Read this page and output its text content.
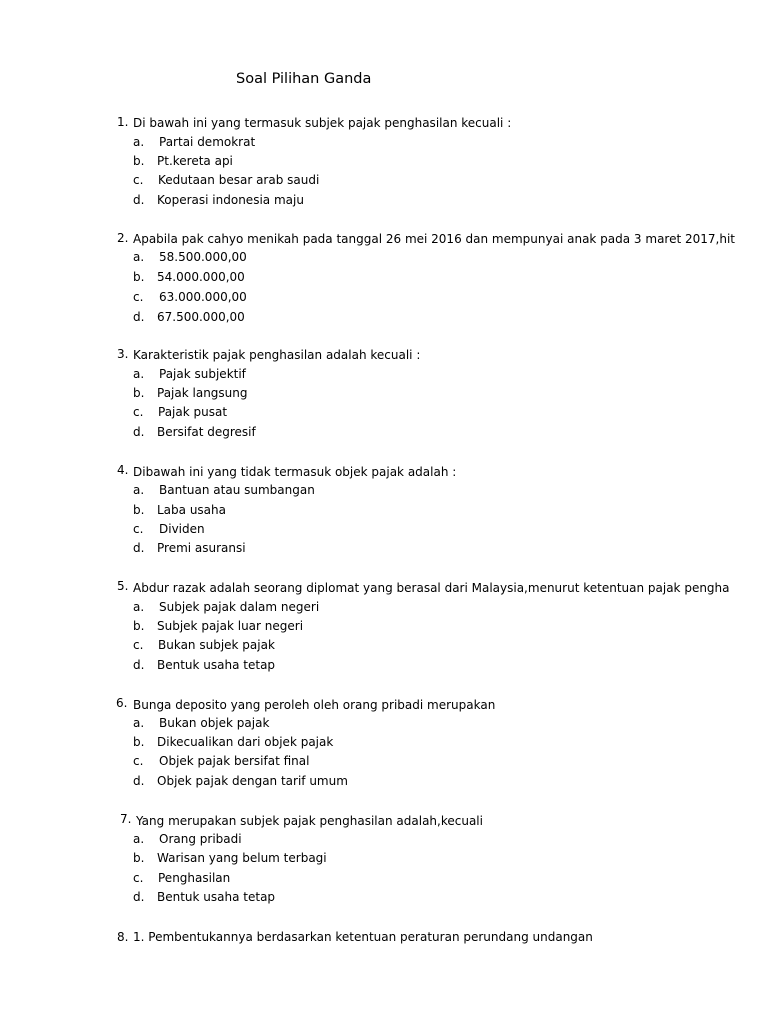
Soal Pilihan Ganda
1. Di bawah ini yang termasuk subjek pajak penghasilan kecuali :
a. Partai demokrat
b. Pt.kereta api
c. Kedutaan besar arab saudi
d. Koperasi indonesia maju
2. Apabila pak cahyo menikah pada tanggal 26 mei 2016 dan mempunyai anak pada 3 maret 2017,hit
a. 58.500.000,00
b. 54.000.000,00
c. 63.000.000,00
d. 67.500.000,00
3. Karakteristik pajak penghasilan adalah kecuali :
a. Pajak subjektif
b. Pajak langsung
c. Pajak pusat
d. Bersifat degresif
4. Dibawah ini yang tidak termasuk objek pajak adalah :
a. Bantuan atau sumbangan
b. Laba usaha
c. Dividen
d. Premi asuransi
5. Abdur razak adalah seorang diplomat yang berasal dari Malaysia,menurut ketentuan pajak pengha
a. Subjek pajak dalam negeri
b. Subjek pajak luar negeri
c. Bukan subjek pajak
d. Bentuk usaha tetap
6. Bunga deposito yang peroleh oleh orang pribadi merupakan
a. Bukan objek pajak
b. Dikecualikan dari objek pajak
c. Objek pajak bersifat final
d. Objek pajak dengan tarif umum
7. Yang merupakan subjek pajak penghasilan adalah,kecuali
a. Orang pribadi
b. Warisan yang belum terbagi
c. Penghasilan
d. Bentuk usaha tetap
8. 1. Pembentukannya berdasarkan ketentuan peraturan perundang undangan
